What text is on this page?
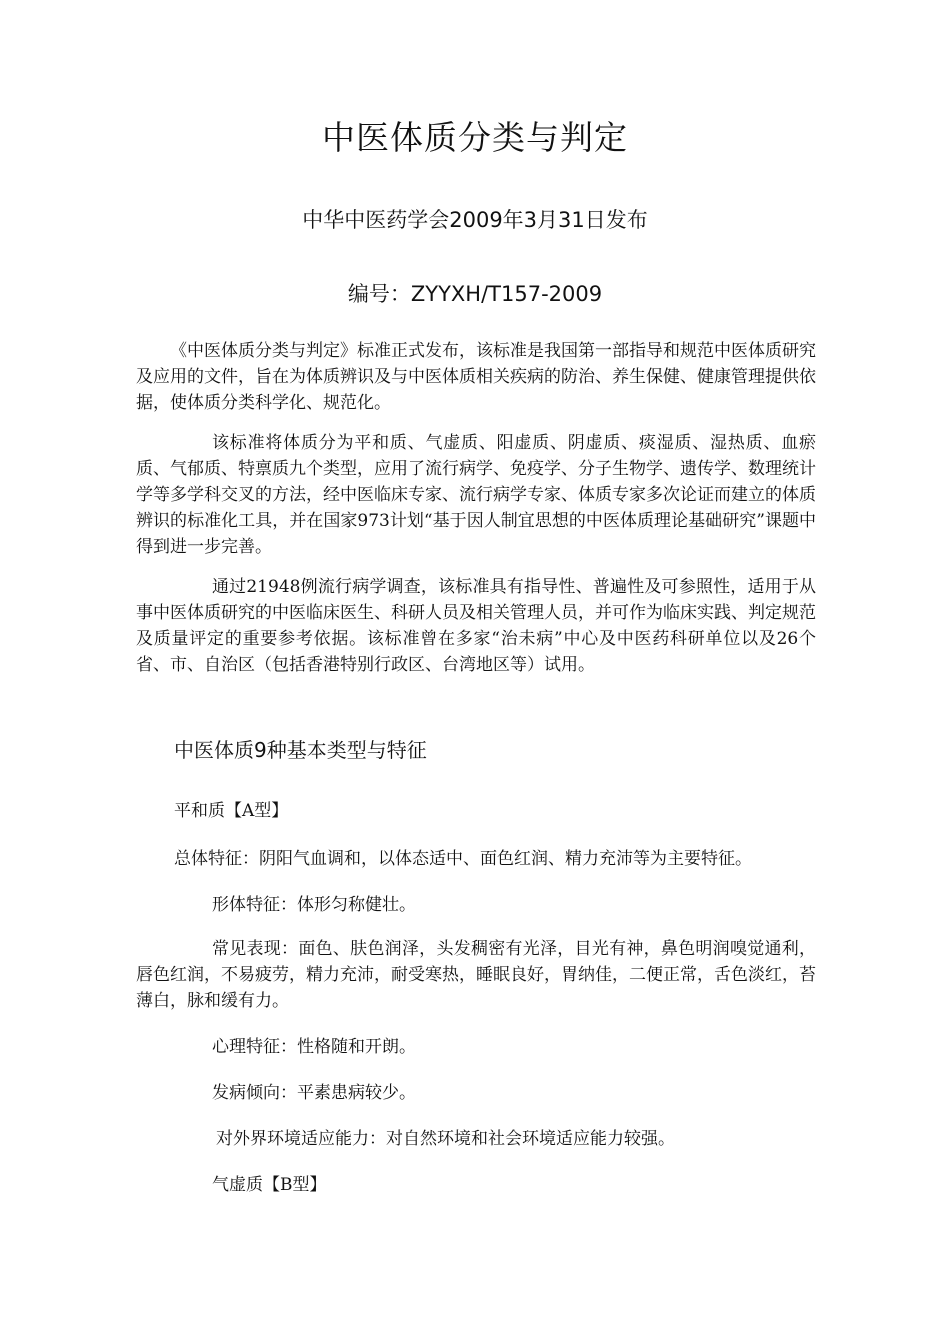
中医体质分类与判定

中华中医药学会2009年3月31日发布

编号：ZYYXH/T157-2009

《中医体质分类与判定》标准正式发布，该标准是我国第一部指导和规范中医体质研究及应用的文件，旨在为体质辨识及与中医体质相关疾病的防治、养生保健、健康管理提供依据，使体质分类科学化、规范化。

该标准将体质分为平和质、气虚质、阳虚质、阴虚质、痰湿质、湿热质、血瘀质、气郁质、特禀质九个类型，应用了流行病学、免疫学、分子生物学、遗传学、数理统计学等多学科交叉的方法，经中医临床专家、流行病学专家、体质专家多次论证而建立的体质辨识的标准化工具，并在国家973计划“基于因人制宜思想的中医体质理论基础研究”课题中得到进一步完善。

通过21948例流行病学调查，该标准具有指导性、普遍性及可参照性，适用于从事中医体质研究的中医临床医生、科研人员及相关管理人员，并可作为临床实践、判定规范及质量评定的重要参考依据。该标准曾在多家“治未病”中心及中医药科研单位以及26个省、市、自治区（包括香港特别行政区、台湾地区等）试用。

中医体质9种基本类型与特征

平和质【A型】

总体特征：阴阳气血调和，以体态适中、面色红润、精力充沛等为主要特征。

形体特征：体形匀称健壮。

常见表现：面色、肤色润泽，头发稠密有光泽，目光有神，鼻色明润嗅觉通利，唇色红润，不易疲劳，精力充沛，耐受寒热，睡眠良好，胃纳佳，二便正常，舌色淡红，苔薄白，脉和缓有力。

心理特征：性格随和开朗。

发病倾向：平素患病较少。

对外界环境适应能力：对自然环境和社会环境适应能力较强。

气虚质【B型】
